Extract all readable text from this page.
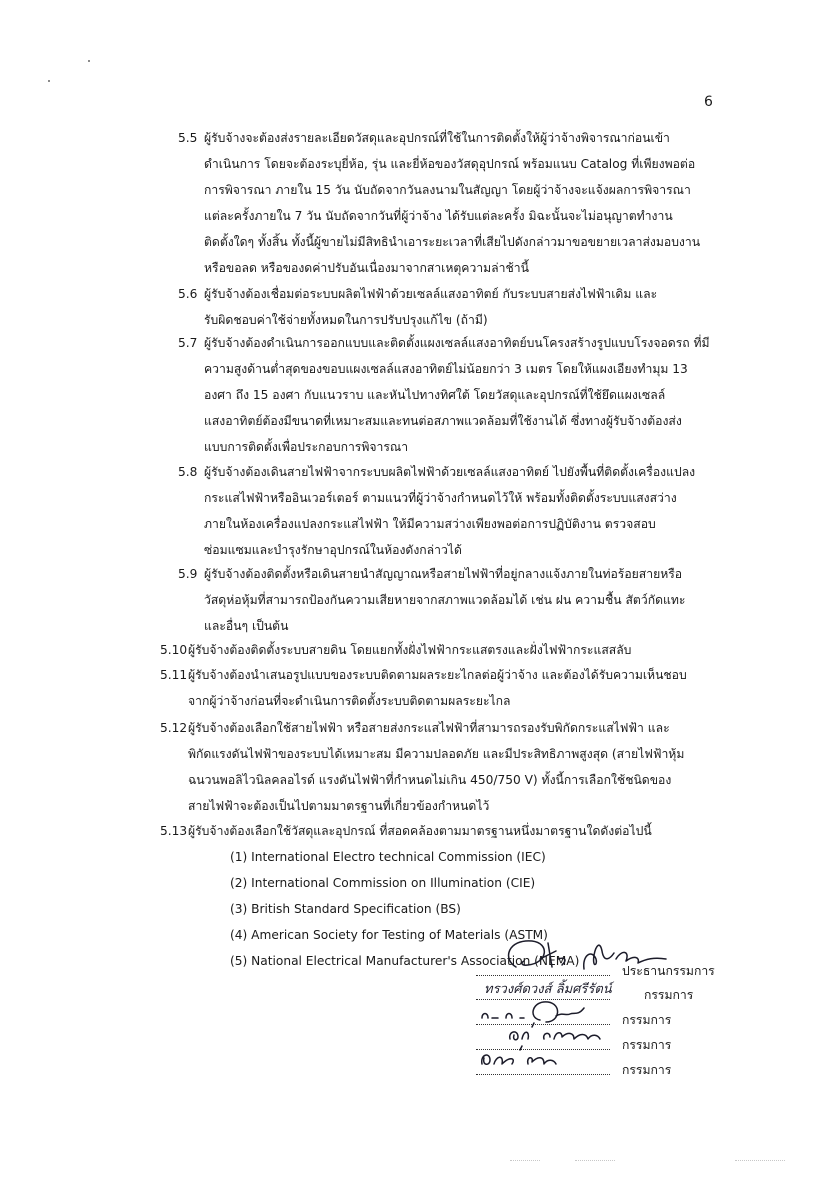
6
5.5 ผู้รับจ้างจะต้องส่งรายละเอียดวัสดุและอุปกรณ์ที่ใช้ในการติดตั้งให้ผู้ว่าจ้างพิจารณาก่อนเข้า
ดำเนินการ โดยจะต้องระบุยี่ห้อ, รุ่น และยี่ห้อของวัสดุอุปกรณ์ พร้อมแนบ Catalog ที่เพียงพอต่อ
การพิจารณา ภายใน 15 วัน นับถัดจากวันลงนามในสัญญา โดยผู้ว่าจ้างจะแจ้งผลการพิจารณา
แต่ละครั้งภายใน 7 วัน นับถัดจากวันที่ผู้ว่าจ้าง ได้รับแต่ละครั้ง มิฉะนั้นจะไม่อนุญาตทำงาน
ติดตั้งใดๆ ทั้งสิ้น ทั้งนี้ผู้ขายไม่มีสิทธินำเอาระยะเวลาที่เสียไปดังกล่าวมาขอขยายเวลาส่งมอบงาน
หรือขอลด หรือของดค่าปรับอันเนื่องมาจากสาเหตุความล่าช้านี้
5.6 ผู้รับจ้างต้องเชื่อมต่อระบบผลิตไฟฟ้าด้วยเซลล์แสงอาทิตย์ กับระบบสายส่งไฟฟ้าเดิม และ
รับผิดชอบค่าใช้จ่ายทั้งหมดในการปรับปรุงแก้ไข (ถ้ามี)
5.7 ผู้รับจ้างต้องดำเนินการออกแบบและติดตั้งแผงเซลล์แสงอาทิตย์บนโครงสร้างรูปแบบโรงจอดรถ ที่มี
ความสูงด้านต่ำสุดของขอบแผงเซลล์แสงอาทิตย์ไม่น้อยกว่า 3 เมตร โดยให้แผงเอียงทำมุม 13
องศา ถึง 15 องศา กับแนวราบ และหันไปทางทิศใต้ โดยวัสดุและอุปกรณ์ที่ใช้ยึดแผงเซลล์
แสงอาทิตย์ต้องมีขนาดที่เหมาะสมและทนต่อสภาพแวดล้อมที่ใช้งานได้ ซึ่งทางผู้รับจ้างต้องส่ง
แบบการติดตั้งเพื่อประกอบการพิจารณา
5.8 ผู้รับจ้างต้องเดินสายไฟฟ้าจากระบบผลิตไฟฟ้าด้วยเซลล์แสงอาทิตย์ ไปยังพื้นที่ติดตั้งเครื่องแปลง
กระแสไฟฟ้าหรืออินเวอร์เตอร์ ตามแนวที่ผู้ว่าจ้างกำหนดไว้ให้ พร้อมทั้งติดตั้งระบบแสงสว่าง
ภายในห้องเครื่องแปลงกระแสไฟฟ้า ให้มีความสว่างเพียงพอต่อการปฏิบัติงาน ตรวจสอบ
ซ่อมแซมและบำรุงรักษาอุปกรณ์ในห้องดังกล่าวได้
5.9 ผู้รับจ้างต้องติดตั้งหรือเดินสายนำสัญญาณหรือสายไฟฟ้าที่อยู่กลางแจ้งภายในท่อร้อยสายหรือ
วัสดุห่อหุ้มที่สามารถป้องกันความเสียหายจากสภาพแวดล้อมได้ เช่น ฝน ความชื้น สัตว์กัดแทะ
และอื่นๆ เป็นต้น
5.10 ผู้รับจ้างต้องติดตั้งระบบสายดิน โดยแยกทั้งฝั่งไฟฟ้ากระแสตรงและฝั่งไฟฟ้ากระแสสลับ
5.11 ผู้รับจ้างต้องนำเสนอรูปแบบของระบบติดตามผลระยะไกลต่อผู้ว่าจ้าง และต้องได้รับความเห็นชอบ
จากผู้ว่าจ้างก่อนที่จะดำเนินการติดตั้งระบบติดตามผลระยะไกล
5.12 ผู้รับจ้างต้องเลือกใช้สายไฟฟ้า หรือสายส่งกระแสไฟฟ้าที่สามารถรองรับพิกัดกระแสไฟฟ้า และ
พิกัดแรงดันไฟฟ้าของระบบได้เหมาะสม มีความปลอดภัย และมีประสิทธิภาพสูงสุด (สายไฟฟ้าหุ้ม
ฉนวนพอลิไวนิลคลอไรด์ แรงดันไฟฟ้าที่กำหนดไม่เกิน 450/750 V) ทั้งนี้การเลือกใช้ชนิดของ
สายไฟฟ้าจะต้องเป็นไปตามมาตรฐานที่เกี่ยวข้องกำหนดไว้
5.13 ผู้รับจ้างต้องเลือกใช้วัสดุและอุปกรณ์ ที่สอดคล้องตามมาตรฐานหนึ่งมาตรฐานใดดังต่อไปนี้
(1) International Electro technical Commission (IEC)
(2) International Commission on Illumination (CIE)
(3) British Standard Specification (BS)
(4) American Society for Testing of Materials (ASTM)
(5) National Electrical Manufacturer's Association (NEMA)
ประธานกรรมการ
ทรวงศ์ดวงส์ ลิ้มศรีรัตน์	กรรมการ
กรรมการ
กรรมการ
กรรมการ
